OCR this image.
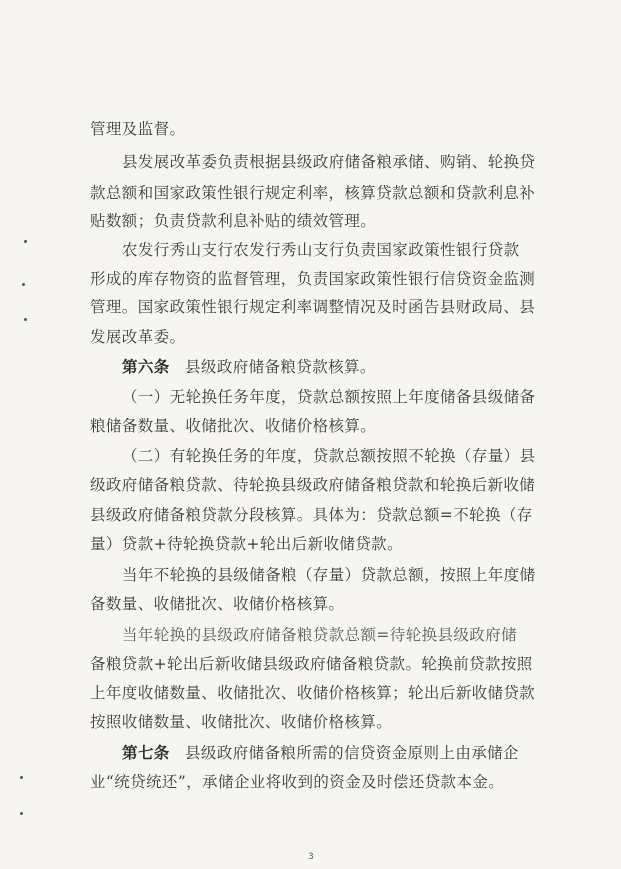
管理及监督。
县发展改革委负责根据县级政府储备粮承储、购销、轮换贷
款总额和国家政策性银行规定利率，核算贷款总额和贷款利息补
贴数额；负责贷款利息补贴的绩效管理。
农发行秀山支行农发行秀山支行负责国家政策性银行贷款
形成的库存物资的监督管理，负责国家政策性银行信贷资金监测
管理。国家政策性银行规定利率调整情况及时函告县财政局、县
发展改革委。
第六条 县级政府储备粮贷款核算。
（一）无轮换任务年度，贷款总额按照上年度储备县级储备
粮储备数量、收储批次、收储价格核算。
（二）有轮换任务的年度，贷款总额按照不轮换（存量）县
级政府储备粮贷款、待轮换县级政府储备粮贷款和轮换后新收储
县级政府储备粮贷款分段核算。具体为：贷款总额=不轮换（存
量）贷款+待轮换贷款+轮出后新收储贷款。
当年不轮换的县级储备粮（存量）贷款总额，按照上年度储
备数量、收储批次、收储价格核算。
当年轮换的县级政府储备粮贷款总额=待轮换县级政府储
备粮贷款+轮出后新收储县级政府储备粮贷款。轮换前贷款按照
上年度收储数量、收储批次、收储价格核算；轮出后新收储贷款
按照收储数量、收储批次、收储价格核算。
第七条 县级政府储备粮所需的信贷资金原则上由承储企
业“统贷统还”，承储企业将收到的资金及时偿还贷款本金。
3
